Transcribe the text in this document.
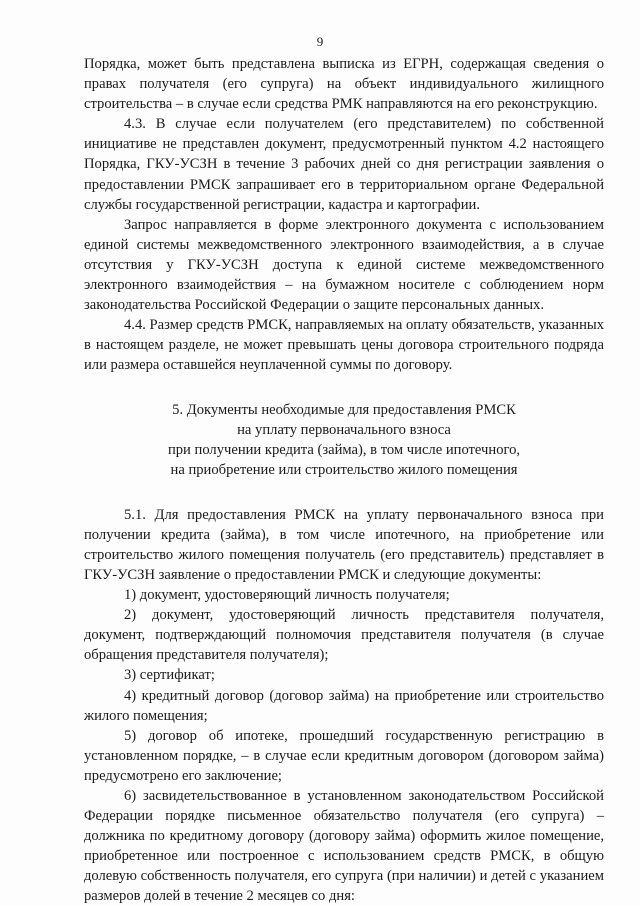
9

Порядка, может быть представлена выписка из ЕГРН, содержащая сведения о правах получателя (его супруга) на объект индивидуального жилищного строительства – в случае если средства РМК направляются на его реконструкцию.

4.3. В случае если получателем (его представителем) по собственной инициативе не представлен документ, предусмотренный пунктом 4.2 настоящего Порядка, ГКУ-УСЗН в течение 3 рабочих дней со дня регистрации заявления о предоставлении РМСК запрашивает его в территориальном органе Федеральной службы государственной регистрации, кадастра и картографии.

Запрос направляется в форме электронного документа с использованием единой системы межведомственного электронного взаимодействия, а в случае отсутствия у ГКУ-УСЗН доступа к единой системе межведомственного электронного взаимодействия – на бумажном носителе с соблюдением норм законодательства Российской Федерации о защите персональных данных.

4.4. Размер средств РМСК, направляемых на оплату обязательств, указанных в настоящем разделе, не может превышать цены договора строительного подряда или размера оставшейся неуплаченной суммы по договору.

5. Документы необходимые для предоставления РМСК
на уплату первоначального взноса
при получении кредита (займа), в том числе ипотечного,
на приобретение или строительство жилого помещения

5.1. Для предоставления РМСК на уплату первоначального взноса при получении кредита (займа), в том числе ипотечного, на приобретение или строительство жилого помещения получатель (его представитель) представляет в ГКУ-УСЗН заявление о предоставлении РМСК и следующие документы:

1) документ, удостоверяющий личность получателя;

2) документ, удостоверяющий личность представителя получателя, документ, подтверждающий полномочия представителя получателя (в случае обращения представителя получателя);

3) сертификат;

4) кредитный договор (договор займа) на приобретение или строительство жилого помещения;

5) договор об ипотеке, прошедший государственную регистрацию в установленном порядке, – в случае если кредитным договором (договором займа) предусмотрено его заключение;

6) засвидетельствованное в установленном законодательством Российской Федерации порядке письменное обязательство получателя (его супруга) – должника по кредитному договору (договору займа) оформить жилое помещение, приобретенное или построенное с использованием средств РМСК, в общую долевую собственность получателя, его супруга (при наличии) и детей с указанием размеров долей в течение 2 месяцев со дня:
